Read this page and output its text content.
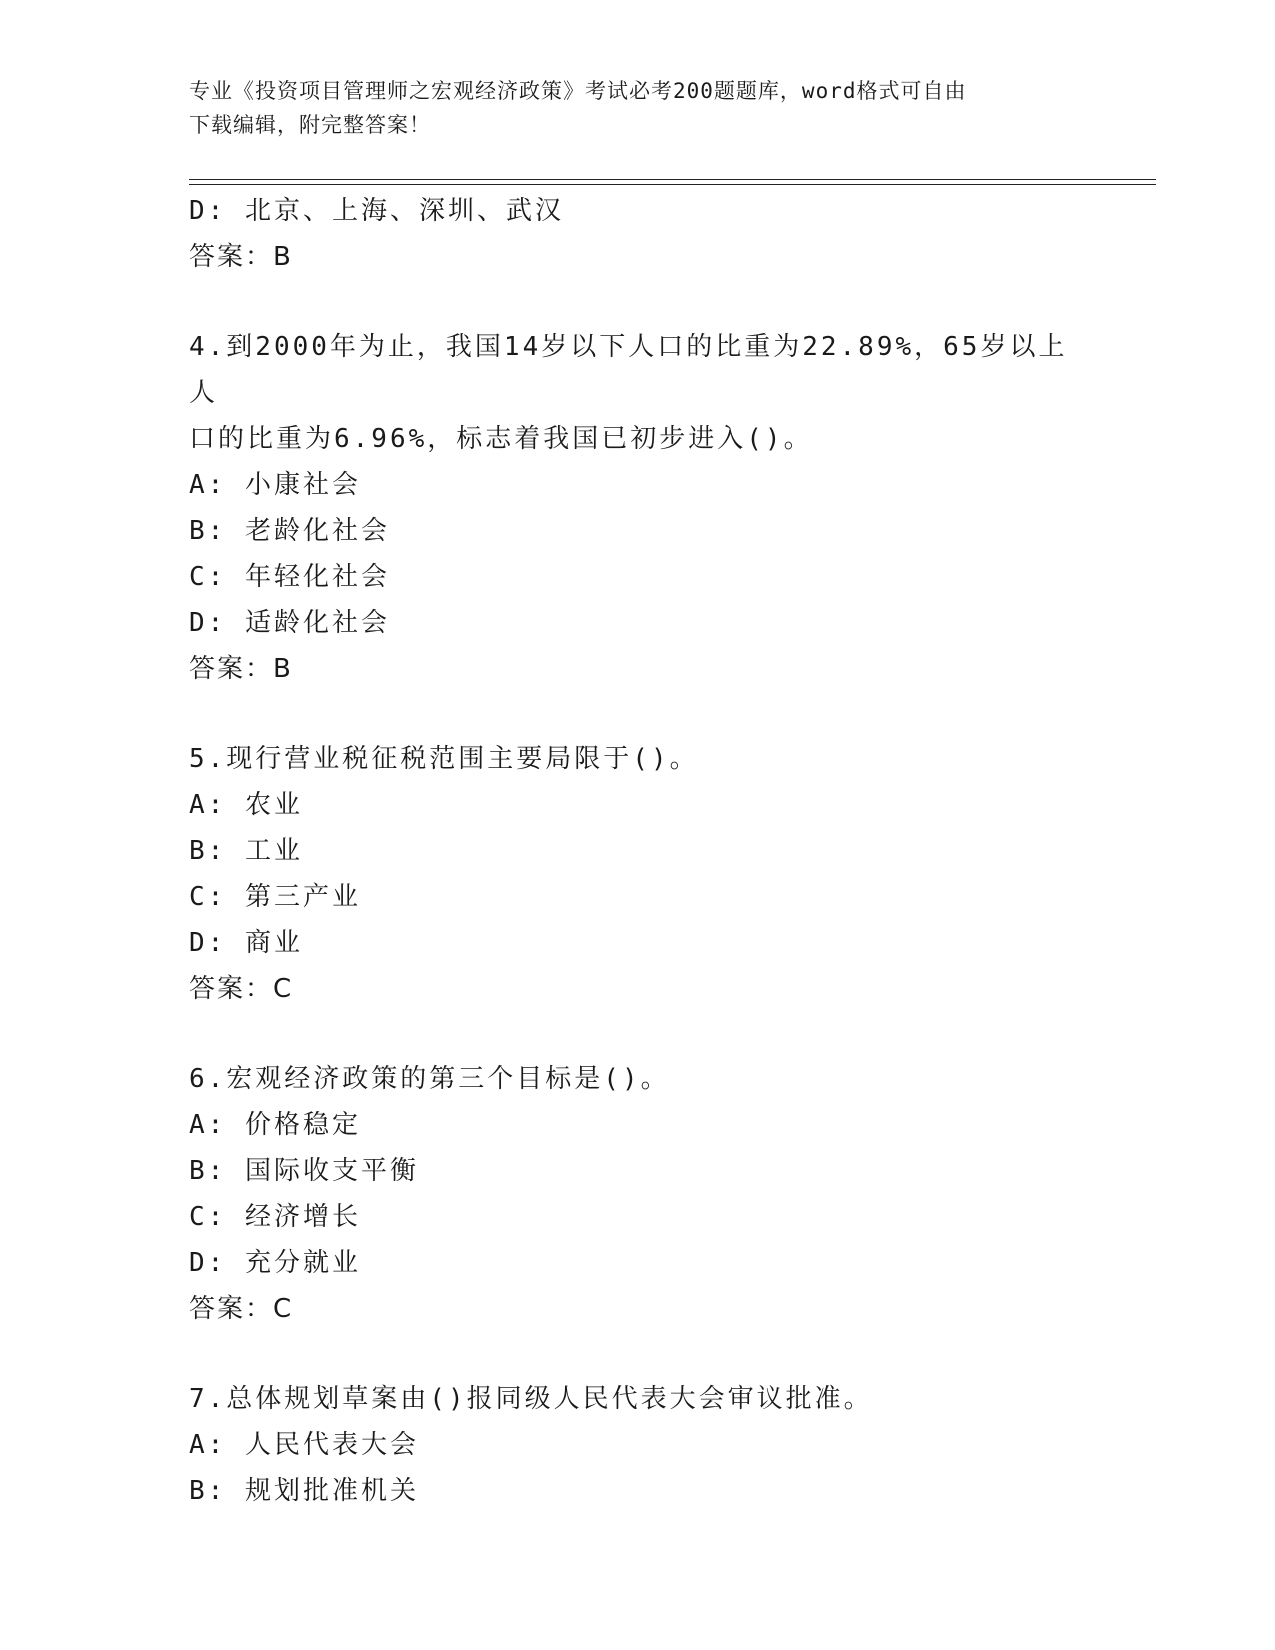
专业《投资项目管理师之宏观经济政策》考试必考200题题库，word格式可自由
下载编辑，附完整答案！
D: 北京、上海、深圳、武汉
答案：B
4.到2000年为止，我国14岁以下人口的比重为22.89%，65岁以上人
口的比重为6.96%，标志着我国已初步进入()。
A: 小康社会
B: 老龄化社会
C: 年轻化社会
D: 适龄化社会
答案：B
5.现行营业税征税范围主要局限于()。
A: 农业
B: 工业
C: 第三产业
D: 商业
答案：C
6.宏观经济政策的第三个目标是()。
A: 价格稳定
B: 国际收支平衡
C: 经济增长
D: 充分就业
答案：C
7.总体规划草案由()报同级人民代表大会审议批准。
A: 人民代表大会
B: 规划批准机关
